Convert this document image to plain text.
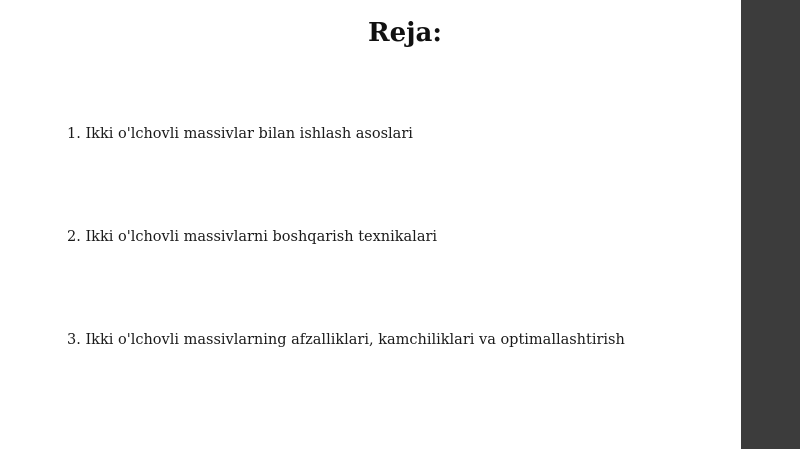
Reja:
1. Ikki o'lchovli massivlar bilan ishlash asoslari
2. Ikki o'lchovli massivlarni boshqarish texnikalari
3. Ikki o'lchovli massivlarning afzalliklari, kamchiliklari va optimallashtirish
